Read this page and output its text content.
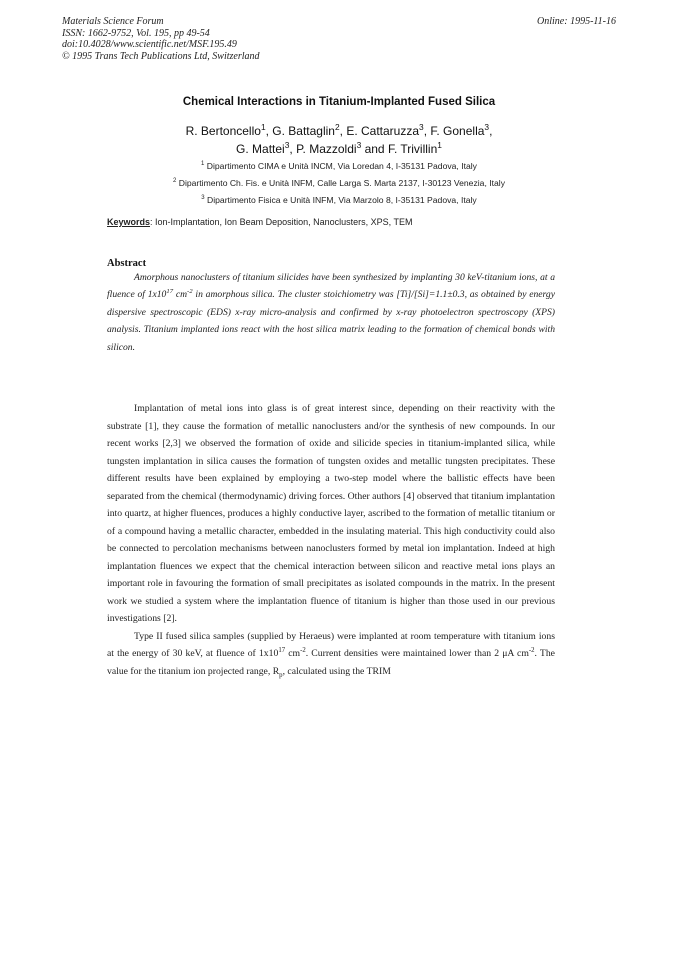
Materials Science Forum
ISSN: 1662-9752, Vol. 195, pp 49-54
doi:10.4028/www.scientific.net/MSF.195.49
© 1995 Trans Tech Publications Ltd, Switzerland
Online: 1995-11-16
Chemical Interactions in Titanium-Implanted Fused Silica
R. Bertoncello$^1$, G. Battaglin$^2$, E. Cattaruzza$^3$, F. Gonella$^3$,
G. Mattei$^3$, P. Mazzoldi$^3$ and F. Trivillin$^1$
$^1$ Dipartimento CIMA e Unità INCM, Via Loredan 4, I-35131 Padova, Italy
$^2$ Dipartimento Ch. Fis. e Unità INFM, Calle Larga S. Marta 2137, I-30123 Venezia, Italy
$^3$ Dipartimento Fisica e Unità INFM, Via Marzolo 8, I-35131 Padova, Italy
Keywords: Ion-Implantation, Ion Beam Deposition, Nanoclusters, XPS, TEM
Abstract
Amorphous nanoclusters of titanium silicides have been synthesized by implanting 30 keV-titanium ions, at a fluence of $1x10^{17}$ $cm^{-2}$ in amorphous silica. The cluster stoichiometry was [Ti]/[Si]=1.1±0.3, as obtained by energy dispersive spectroscopic (EDS) x-ray micro-analysis and confirmed by x-ray photoelectron spectroscopy (XPS) analysis. Titanium implanted ions react with the host silica matrix leading to the formation of chemical bonds with silicon.

Implantation of metal ions into glass is of great interest since, depending on their reactivity with the substrate [1], they cause the formation of metallic nanoclusters and/or the synthesis of new compounds. In our recent works [2,3] we observed the formation of oxide and silicide species in titanium-implanted silica, while tungsten implantation in silica causes the formation of tungsten oxides and metallic tungsten precipitates. These different results have been explained by employing a two-step model where the ballistic effects have been separated from the chemical (thermodynamic) driving forces. Other authors [4] observed that titanium implantation into quartz, at higher fluences, produces a highly conductive layer, ascribed to the formation of metallic titanium or of a compound having a metallic character, embedded in the insulating material. This high conductivity could also be connected to percolation mechanisms between nanoclusters formed by metal ion implantation. Indeed at high implantation fluences we expect that the chemical interaction between silicon and reactive metal ions plays an important role in favouring the formation of small precipitates as isolated compounds in the matrix. In the present work we studied a system where the implantation fluence of titanium is higher than those used in our previous investigations [2].

Type II fused silica samples (supplied by Heraeus) were implanted at room temperature with titanium ions at the energy of 30 keV, at fluence of $1x10^{17}$ $cm^{-2}$. Current densities were maintained lower than 2 μA $cm^{-2}$. The value for the titanium ion projected range, $R_p$, calculated using the TRIM
